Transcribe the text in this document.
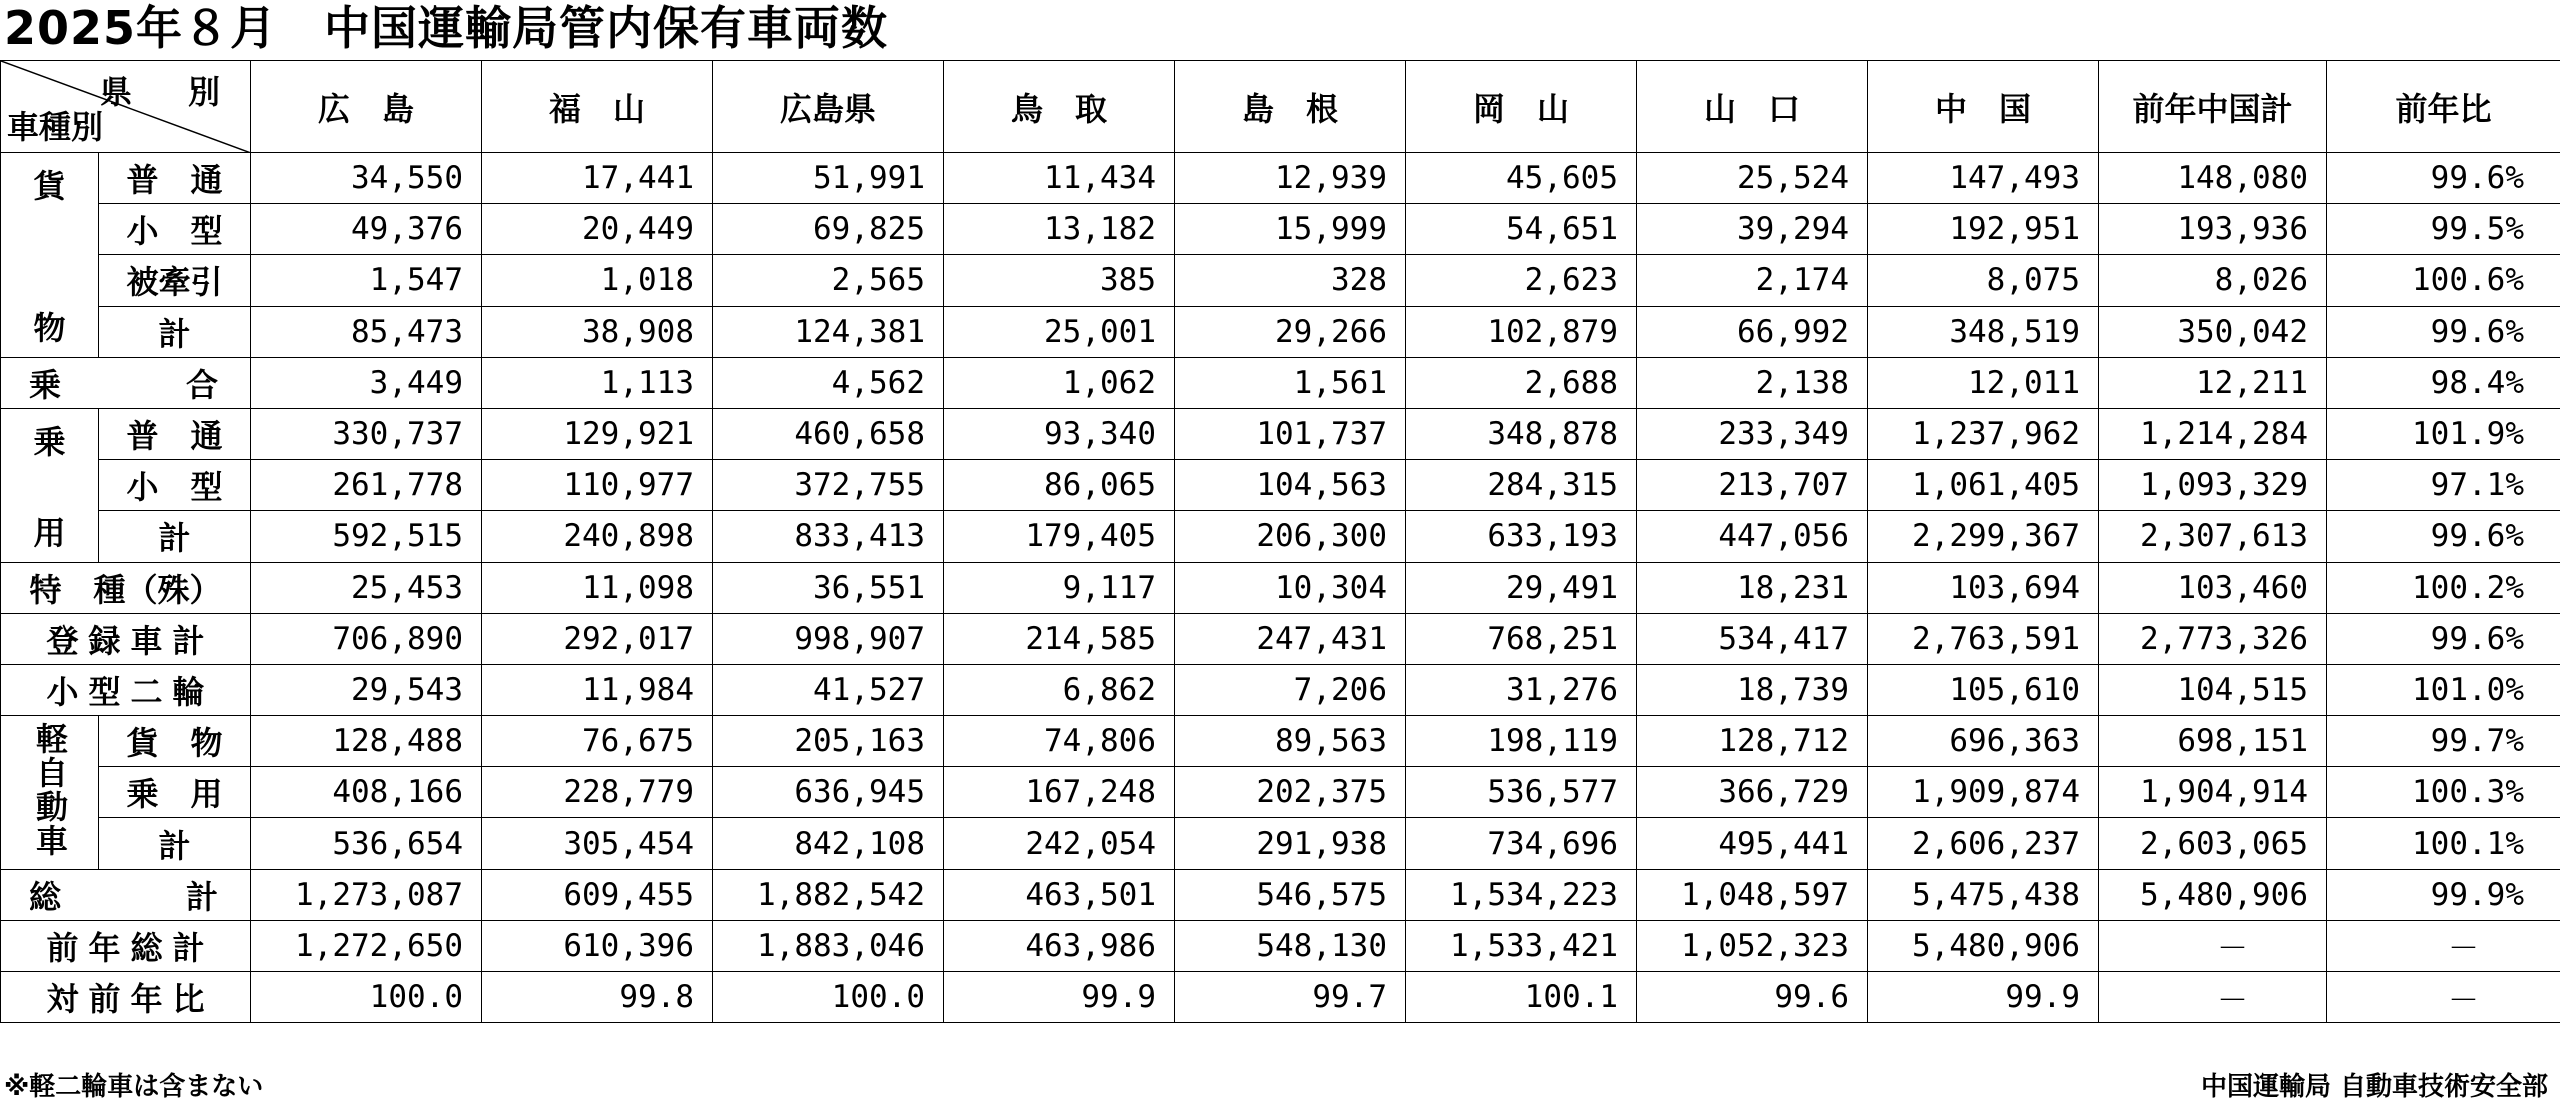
2025年８月　中国運輸局管内保有車両数
県　別
車種別		広　島	福　山	広島県	鳥　取	島　根	岡　山	山　口	中　国	前年中国計	前年比

貨
物	普　通	34,550	17,441	51,991	11,434	12,939	45,605	25,524	147,493	148,080	99.6%
	小　型	49,376	20,449	69,825	13,182	15,999	54,651	39,294	192,951	193,936	99.5%
	被牽引	1,547	1,018	2,565	385	328	2,623	2,174	8,075	8,026	100.6%
	計	85,473	38,908	124,381	25,001	29,266	102,879	66,992	348,519	350,042	99.6%

乗 合		3,449	1,113	4,562	1,062	1,561	2,688	2,138	12,011	12,211	98.4%

乗
用	普　通	330,737	129,921	460,658	93,340	101,737	348,878	233,349	1,237,962	1,214,284	101.9%
	小　型	261,778	110,977	372,755	86,065	104,563	284,315	213,707	1,061,405	1,093,329	97.1%
	計	592,515	240,898	833,413	179,405	206,300	633,193	447,056	2,299,367	2,307,613	99.6%

特　種（殊）		25,453	11,098	36,551	9,117	10,304	29,491	18,231	103,694	103,460	100.2%

登 録 車 計		706,890	292,017	998,907	214,585	247,431	768,251	534,417	2,763,591	2,773,326	99.6%

小 型 二 輪		29,543	11,984	41,527	6,862	7,206	31,276	18,739	105,610	104,515	101.0%

軽自動車	貨　物	128,488	76,675	205,163	74,806	89,563	198,119	128,712	696,363	698,151	99.7%
	乗　用	408,166	228,779	636,945	167,248	202,375	536,577	366,729	1,909,874	1,904,914	100.3%
	計	536,654	305,454	842,108	242,054	291,938	734,696	495,441	2,606,237	2,603,065	100.1%

総 計		1,273,087	609,455	1,882,542	463,501	546,575	1,534,223	1,048,597	5,475,438	5,480,906	99.9%

前 年 総 計		1,272,650	610,396	1,883,046	463,986	548,130	1,533,421	1,052,323	5,480,906	－	－

対 前 年 比		100.0	99.8	100.0	99.9	99.7	100.1	99.6	99.9	－	－
※軽二輪車は含まない	中国運輸局 自動車技術安全部
